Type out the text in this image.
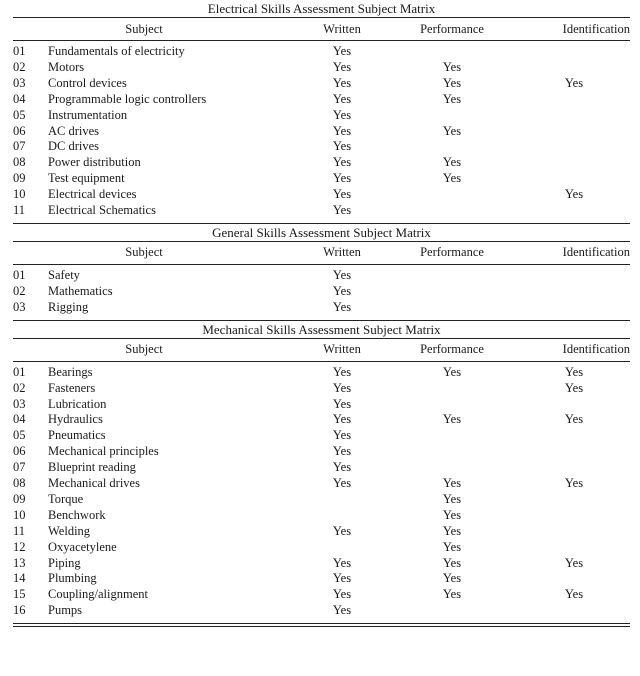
Electrical Skills Assessment Subject Matrix
	Subject	Written	Performance	Identification
01	Fundamentals of electricity	Yes		
02	Motors	Yes	Yes	
03	Control devices	Yes	Yes	Yes
04	Programmable logic controllers	Yes	Yes	
05	Instrumentation	Yes		
06	AC drives	Yes	Yes	
07	DC drives	Yes		
08	Power distribution	Yes	Yes	
09	Test equipment	Yes	Yes	
10	Electrical devices	Yes		Yes
11	Electrical Schematics	Yes		
General Skills Assessment Subject Matrix
	Subject	Written	Performance	Identification
01	Safety	Yes		
02	Mathematics	Yes		
03	Rigging	Yes		
Mechanical Skills Assessment Subject Matrix
	Subject	Written	Performance	Identification
01	Bearings	Yes	Yes	Yes
02	Fasteners	Yes		Yes
03	Lubrication	Yes		
04	Hydraulics	Yes	Yes	Yes
05	Pneumatics	Yes		
06	Mechanical principles	Yes		
07	Blueprint reading	Yes		
08	Mechanical drives	Yes	Yes	Yes
09	Torque		Yes	
10	Benchwork		Yes	
11	Welding	Yes	Yes	
12	Oxyacetylene		Yes	
13	Piping	Yes	Yes	Yes
14	Plumbing	Yes	Yes	
15	Coupling/alignment	Yes	Yes	Yes
16	Pumps	Yes		
